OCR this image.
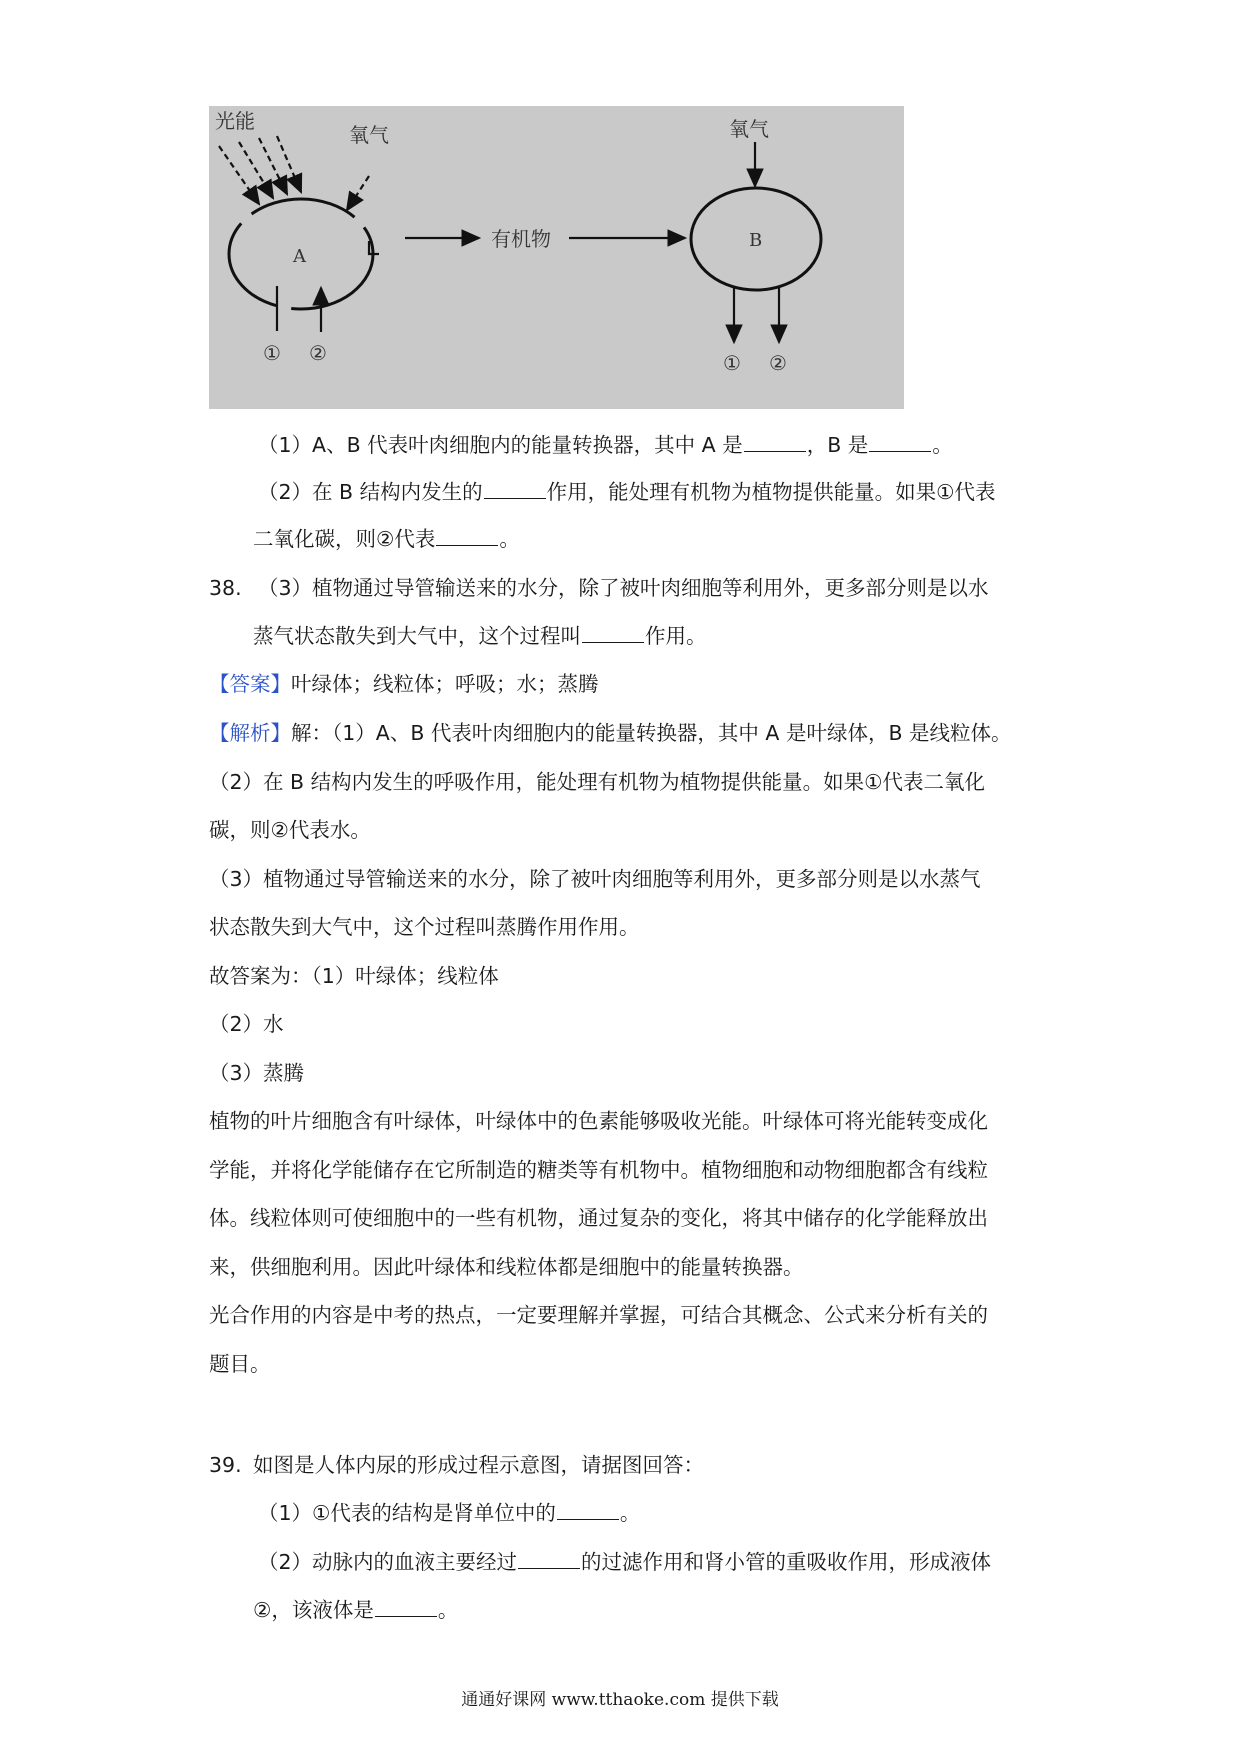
光能
氧气
A
① ②
有机物
氧气
B
① ②
（1）A、B 代表叶肉细胞内的能量转换器，其中 A 是	，B 是	。
（2）在 B 结构内发生的	作用，能处理有机物为植物提供能量。如果①代表
二氧化碳，则②代表	。
38. （3）植物通过导管输送来的水分，除了被叶肉细胞等利用外，更多部分则是以水
蒸气状态散失到大气中，这个过程叫	作用。
【答案】叶绿体；线粒体；呼吸；水；蒸腾
【解析】解：（1）A、B 代表叶肉细胞内的能量转换器，其中 A 是叶绿体，B 是线粒体。
（2）在 B 结构内发生的呼吸作用，能处理有机物为植物提供能量。如果①代表二氧化
碳，则②代表水。
（3）植物通过导管输送来的水分，除了被叶肉细胞等利用外，更多部分则是以水蒸气
状态散失到大气中，这个过程叫蒸腾作用作用。
故答案为：（1）叶绿体；线粒体
（2）水
（3）蒸腾
植物的叶片细胞含有叶绿体，叶绿体中的色素能够吸收光能。叶绿体可将光能转变成化
学能，并将化学能储存在它所制造的糖类等有机物中。植物细胞和动物细胞都含有线粒
体。线粒体则可使细胞中的一些有机物，通过复杂的变化，将其中储存的化学能释放出
来，供细胞利用。因此叶绿体和线粒体都是细胞中的能量转换器。
光合作用的内容是中考的热点，一定要理解并掌握，可结合其概念、公式来分析有关的
题目。
39. 如图是人体内尿的形成过程示意图，请据图回答：
（1）①代表的结构是肾单位中的	。
（2）动脉内的血液主要经过	的过滤作用和肾小管的重吸收作用，形成液体
②，该液体是	。
通通好课网 www.tthaoke.com 提供下载
